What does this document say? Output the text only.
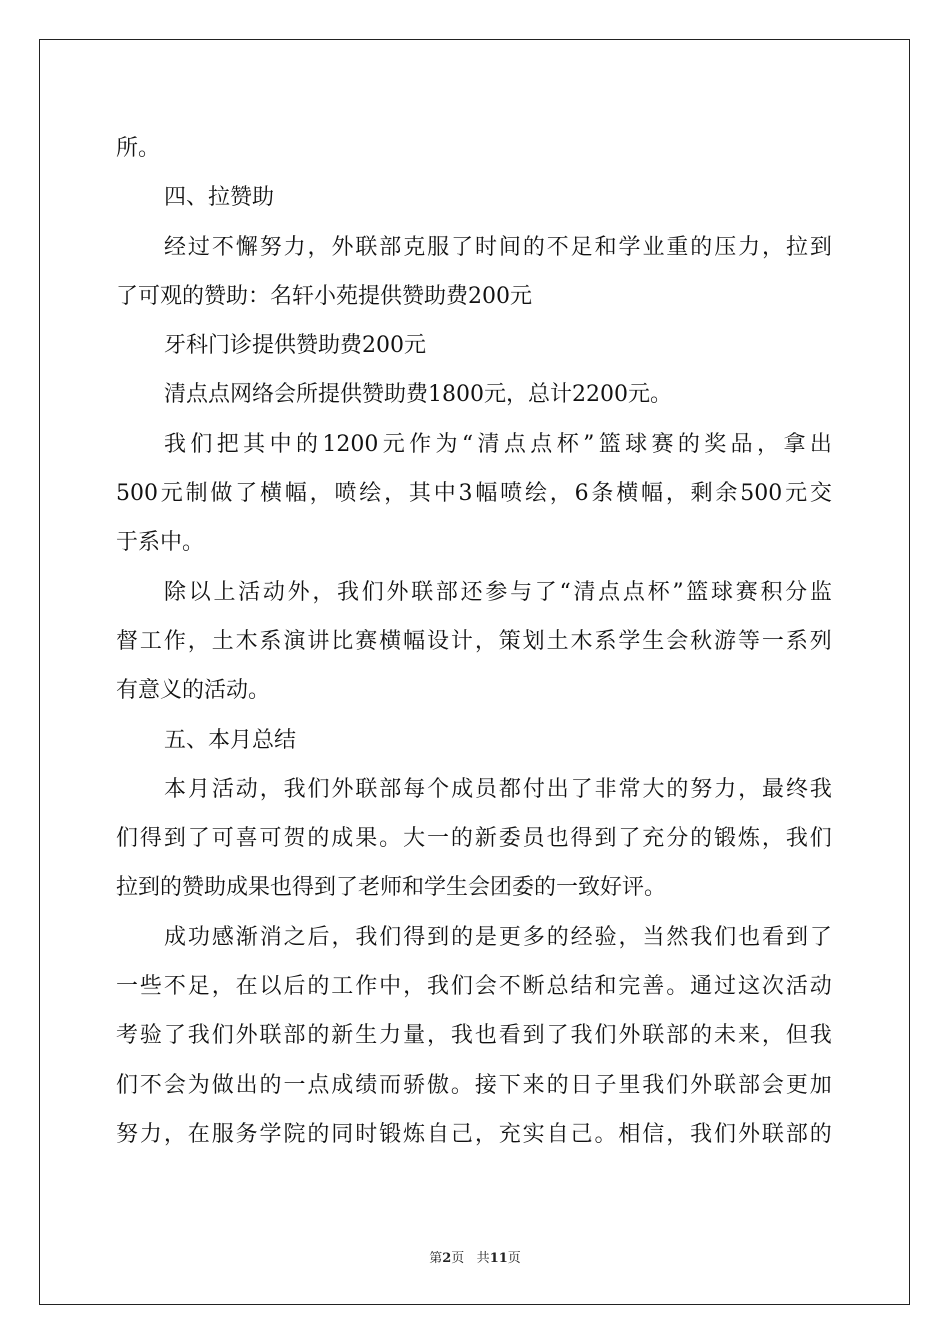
所。
四、拉赞助
经 过 不 懈 努 力 ， 外 联 部 克 服 了 时 间 的 不 足 和 学 业 重 的 压 力 ， 拉 到
了可观的赞助：名轩小苑提供赞助费200元
牙科门诊提供赞助费200元
清点点网络会所提供赞助费1800元，总计2200元。
我 们 把 其 中 的 1200 元 作 为 “ 清 点 点 杯 ” 篮 球 赛 的 奖 品 ， 拿 出
500 元 制 做 了 横 幅 ， 喷 绘 ， 其 中 3 幅 喷 绘 ， 6 条 横 幅 ， 剩 余 500 元 交
于系中。
除 以 上 活 动 外 ， 我 们 外 联 部 还 参 与 了 “ 清 点 点 杯 ” 篮 球 赛 积 分 监
督 工 作 ， 土 木 系 演 讲 比 赛 横 幅 设 计 ， 策 划 土 木 系 学 生 会 秋 游 等 一 系 列
有意义的活动。
五、本月总结
本 月 活 动 ， 我 们 外 联 部 每 个 成 员 都 付 出 了 非 常 大 的 努 力 ， 最 终 我
们 得 到 了 可 喜 可 贺 的 成 果 。 大 一 的 新 委 员 也 得 到 了 充 分 的 锻 炼 ， 我 们
拉到的赞助成果也得到了老师和学生会团委的一致好评。
成 功 感 渐 消 之 后 ， 我 们 得 到 的 是 更 多 的 经 验 ， 当 然 我 们 也 看 到 了
一 些 不 足 ， 在 以 后 的 工 作 中 ， 我 们 会 不 断 总 结 和 完 善 。 通 过 这 次 活 动
考 验 了 我 们 外 联 部 的 新 生 力 量 ， 我 也 看 到 了 我 们 外 联 部 的 未 来 ， 但 我
们 不 会 为 做 出 的 一 点 成 绩 而 骄 傲 。 接 下 来 的 日 子 里 我 们 外 联 部 会 更 加
努 力 ， 在 服 务 学 院 的 同 时 锻 炼 自 己 ， 充 实 自 己 。 相 信 ， 我 们 外 联 部 的
第2页 共11页
